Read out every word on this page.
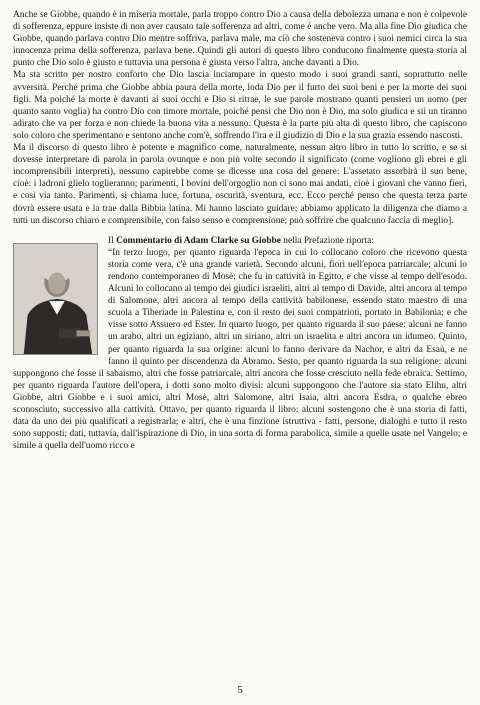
Anche se Giobbe, quando è in miseria mortale, parla troppo contro Dio a causa della debolezza umana e non è colpevole di sofferenza, eppure insiste di non aver causato tale sofferenza ad altri, come è anche vero. Ma alla fine Dio giudica che Giobbe, quando parlava contro Dio mentre soffriva, parlava male, ma ciò che sosteneva contro i suoi nemici circa la sua innocenza prima della sofferenza, parlava bene. Quindi gli autori di questo libro conducono finalmente questa storia al punto che Dio solo è giusto e tuttavia una persona è giusta verso l'altra, anche davanti a Dio.

Ma sta scritto per nostro conforto che Dio lascia inciampare in questo modo i suoi grandi santi, soprattutto nelle avversità. Perché prima che Giobbe abbia paura della morte, loda Dio per il furto dei suoi beni e per la morte dei suoi figli. Ma poiché la morte è davanti ai suoi occhi e Dio si ritrae, le sue parole mostrano quanti pensieri un uomo (per quanto santo voglia) ha contro Dio con timore mortale, poiché pensi che Dio non è Dio, ma solo giudica e sii un tiranno adirato che va per forza e non chiede la buona vita a nessuno. Questa è la parte più alta di questo libro, che capiscono solo coloro che sperimentano e sentono anche com'è, soffrendo l'ira e il giudizio di Dio e la sua grazia essendo nascosti.

Ma il discorso di questo libro è potente e magnifico come, naturalmente, nessun altro libro in tutto lo scritto, e se si dovesse interpretare di parola in parola ovunque e non più volte secondo il significato (come vogliono gli ebrei e gli incomprensibili interpreti), nessuno capirebbe come se dicesse una cosa del genere: L'assetato assorbirà il suo bene, cioè: i ladroni glielo toglieranno; parimenti, I bovini dell'orgoglio non ci sono mai andati, cioè i giovani che vanno fieri, e così via tanto. Parimenti, si chiama luce, fortuna, oscurità, sventura, ecc. Ecco perché penso che questa terza parte dovrà essere usata e la trae dalla Bibbia latina. Mi hanno lasciato guidare; abbiamo applicato la diligenza che diamo a tutti un discorso chiaro e comprensibile, con falso senso e comprensione; può soffrire che qualcuno faccia di meglio].

Il Commentario di Adam Clarke su Giobbe nella Prefazione riporta:

“In terzo luogo, per quanto riguarda l'epoca in cui lo collocano coloro che ricevono questa storia come vera, c'è una grande varietà. Secondo alcuni, fiorì nell'epoca patriarcale; alcuni lo rendono contemporaneo di Mosè; che fu in cattività in Egitto, e che visse al tempo dell'esodo. Alcuni lo collocano al tempo dei giudici israeliti, altri al tempo di Davide, altri ancora al tempo di Salomone, altri ancora al tempo della cattività babilonese, essendo stato maestro di una scuola a Tiberiade in Palestina e, con il resto dei suoi compatrioti, portato in Babilonia; e che visse sotto Assuero ed Ester. In quarto luogo, per quanto riguarda il suo paese: alcuni ne fanno un arabo, altri un egiziano, altri un siriano, altri un israelita e altri ancora un idumeo. Quinto, per quanto riguarda la sua origine: alcuni lo fanno derivare da Nachor, e altri da Esaù, e ne fanno il quinto per discendenza da Abramo. Sesto, per quanto riguarda la sua religione: alcuni suppongono che fosse il sabaismo, altri che fosse patriarcale, altri ancora che fosse cresciuto nella fede ebraica. Settimo, per quanto riguarda l'autore dell'opera, i dotti sono molto divisi: alcuni suppongono che l'autore sia stato Elihu, altri Giobbe, altri Giobbe e i suoi amici, altri Mosè, altri Salomone, altri Isaia, altri ancora Esdra, o qualche ebreo sconosciuto, successivo alla cattività. Ottavo, per quanto riguarda il libro: alcuni sostengono che è una storia di fatti, data da uno dei più qualificati a registrarla; e altri, che è una finzione istruttiva - fatti, persone, dialoghi e tutto il resto sono supposti; dati, tuttavia, dall'ispirazione di Dio, in una sorta di forma parabolica, simile a quelle usate nel Vangelo; e simile a quella dell'uomo ricco e

5
